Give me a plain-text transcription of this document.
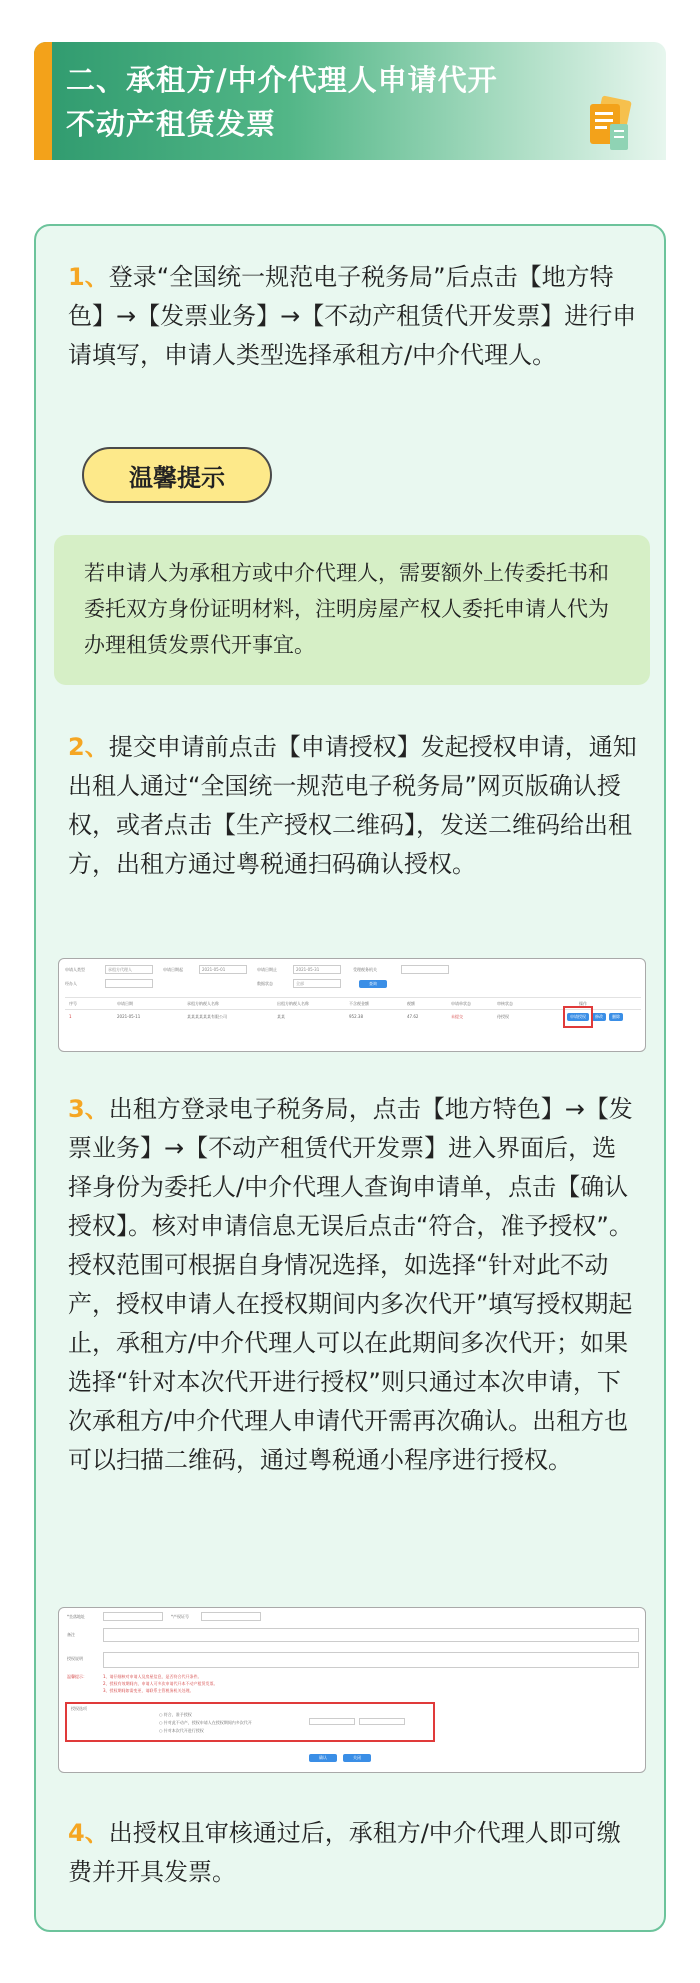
二、承租方/中介代理人申请代开
不动产租赁发票
1、登录“全国统一规范电子税务局”后点击【地方特色】→【发票业务】→【不动产租赁代开发票】进行申请填写，申请人类型选择承租方/中介代理人。
温馨提示
若申请人为承租方或中介代理人，需要额外上传委托书和委托双方身份证明材料，注明房屋产权人委托申请人代为办理租赁发票代开事宜。
2、提交申请前点击【申请授权】发起授权申请，通知出租人通过“全国统一规范电子税务局”网页版确认授权，或者点击【生产授权二维码】，发送二维码给出租方，出租方通过粤税通扫码确认授权。
申请人类型	承租方代理人	申请日期起	2021-05-01	申请日期止	2021-05-31	受理税务机关
经办人	数据状态	全部	查询
序号	申请日期	承租方纳税人名称	出租方纳税人名称	不含税金额	税额	申请单状态	审核状态	操作
1	2021-05-11	某某某某某某有限公司	某某	952.38	47.62	未提交	待授权	申请授权	修改	删除
3、出租方登录电子税务局，点击【地方特色】→【发票业务】→【不动产租赁代开发票】进入界面后，选择身份为委托人/中介代理人查询申请单，点击【确认授权】。核对申请信息无误后点击“符合，准予授权”。授权范围可根据自身情况选择，如选择“针对此不动产，授权申请人在授权期间内多次代开”填写授权期起止，承租方/中介代理人可以在此期间多次代开；如果选择“针对本次代开进行授权”则只通过本次申请，下次承租方/中介代理人申请代开需再次确认。出租方也可以扫描二维码，通过粤税通小程序进行授权。
*坐落地址	*产权证号
备注
授权说明
温馨提示：	1、请仔细核对申请人及房屋信息，是否符合代开条件。
2、授权有效期间内，申请人可多次申请代开本不动产租赁发票。
3、授权期间如需变更，请联系主管税务机关处理。
授权选项
○ 符合，准予授权
○ 针对此不动产，授权申请人在授权期间内多次代开
○ 针对本次代开进行授权
确认	关闭
4、出授权且审核通过后，承租方/中介代理人即可缴费并开具发票。
